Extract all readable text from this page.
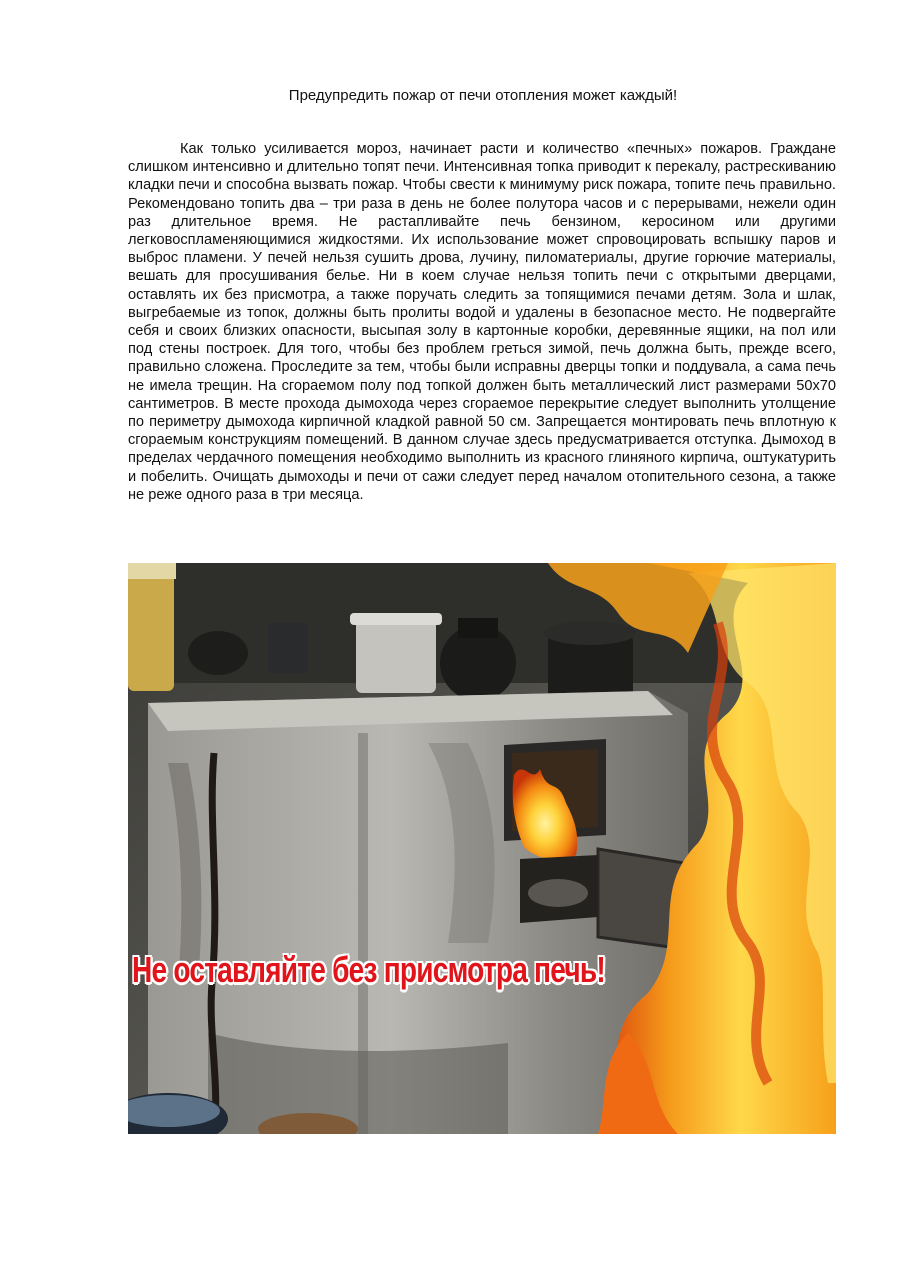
Предупредить пожар от печи отопления может каждый!

Как только усиливается мороз, начинает расти и количество «печных» пожаров. Граждане слишком интенсивно и длительно топят печи. Интенсивная топка приводит к перекалу, растрескиванию кладки печи и способна вызвать пожар. Чтобы свести к минимуму риск пожара, топите печь правильно. Рекомендовано топить два – три раза в день не более полутора часов и с перерывами, нежели один раз длительное время. Не растапливайте печь бензином, керосином или другими легковоспламеняющимися жидкостями. Их использование может спровоцировать вспышку паров и выброс пламени. У печей нельзя сушить дрова, лучину, пиломатериалы, другие горючие материалы, вешать для просушивания белье. Ни в коем случае нельзя топить печи с открытыми дверцами, оставлять их без присмотра, а также поручать следить за топящимися печами детям. Зола и шлак, выгребаемые из топок, должны быть пролиты водой и удалены в безопасное место. Не подвергайте себя и своих близких опасности, высыпая золу в картонные коробки, деревянные ящики, на пол или под стены построек. Для того, чтобы без проблем греться зимой, печь должна быть, прежде всего, правильно сложена. Проследите за тем, чтобы были исправны дверцы топки и поддувала, а сама печь не имела трещин. На сгораемом полу под топкой должен быть металлический лист размерами 50х70 сантиметров. В месте прохода дымохода через сгораемое перекрытие следует выполнить утолщение по периметру дымохода кирпичной кладкой равной 50 см. Запрещается монтировать печь вплотную к сгораемым конструкциям помещений. В данном случае здесь предусматривается отступка. Дымоход в пределах чердачного помещения необходимо выполнить из красного глиняного кирпича, оштукатурить и побелить. Очищать дымоходы и печи от сажи следует перед началом отопительного сезона, а также не реже одного раза в три месяца.

Не оставляйте без присмотра печь!
